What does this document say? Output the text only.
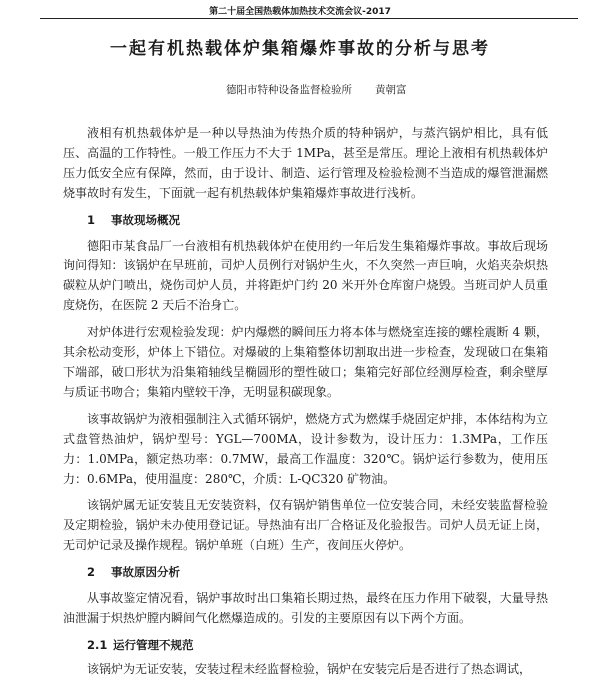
第二十届全国热载体加热技术交流会议-2017
一起有机热载体炉集箱爆炸事故的分析与思考
德阳市特种设备监督检验所 黄朝富

液相有机热载体炉是一种以导热油为传热介质的特种锅炉，与蒸汽锅炉相比，具有低压、高温的工作特性。一般工作压力不大于 1MPa，甚至是常压。理论上液相有机热载体炉压力低安全应有保障，然而，由于设计、制造、运行管理及检验检测不当造成的爆管泄漏燃烧事故时有发生，下面就一起有机热载体炉集箱爆炸事故进行浅析。

1 事故现场概况

德阳市某食品厂一台液相有机热载体炉在使用约一年后发生集箱爆炸事故。事故后现场询问得知：该锅炉在早班前，司炉人员例行对锅炉生火，不久突然一声巨响，火焰夹杂炽热碳粒从炉门喷出，烧伤司炉人员，并将距炉门约 20 米开外仓库窗户烧毁。当班司炉人员重度烧伤，在医院 2 天后不治身亡。

对炉体进行宏观检验发现：炉内爆燃的瞬间压力将本体与燃烧室连接的螺栓震断 4 颗，其余松动变形，炉体上下错位。对爆破的上集箱整体切割取出进一步检查，发现破口在集箱下端部，破口形状为沿集箱轴线呈椭圆形的塑性破口；集箱完好部位经测厚检查，剩余壁厚与质证书吻合；集箱内壁较干净，无明显积碳现象。

该事故锅炉为液相强制注入式循环锅炉，燃烧方式为燃煤手烧固定炉排，本体结构为立式盘管热油炉，锅炉型号：YGL—700MA，设计参数为，设计压力：1.3MPa，工作压力：1.0MPa，额定热功率：0.7MW，最高工作温度：320℃。锅炉运行参数为，使用压力：0.6MPa，使用温度：280℃，介质：L-QC320 矿物油。

该锅炉属无证安装且无安装资料，仅有锅炉销售单位一位安装合同，未经安装监督检验及定期检验，锅炉未办使用登记证。导热油有出厂合格证及化验报告。司炉人员无证上岗，无司炉记录及操作规程。锅炉单班（白班）生产，夜间压火停炉。

2 事故原因分析

从事故鉴定情况看，锅炉事故时出口集箱长期过热，最终在压力作用下破裂，大量导热油泄漏于炽热炉膛内瞬间气化燃爆造成的。引发的主要原因有以下两个方面。

2.1 运行管理不规范

该锅炉为无证安装，安装过程未经监督检验，锅炉在安装完后是否进行了热态调试，
